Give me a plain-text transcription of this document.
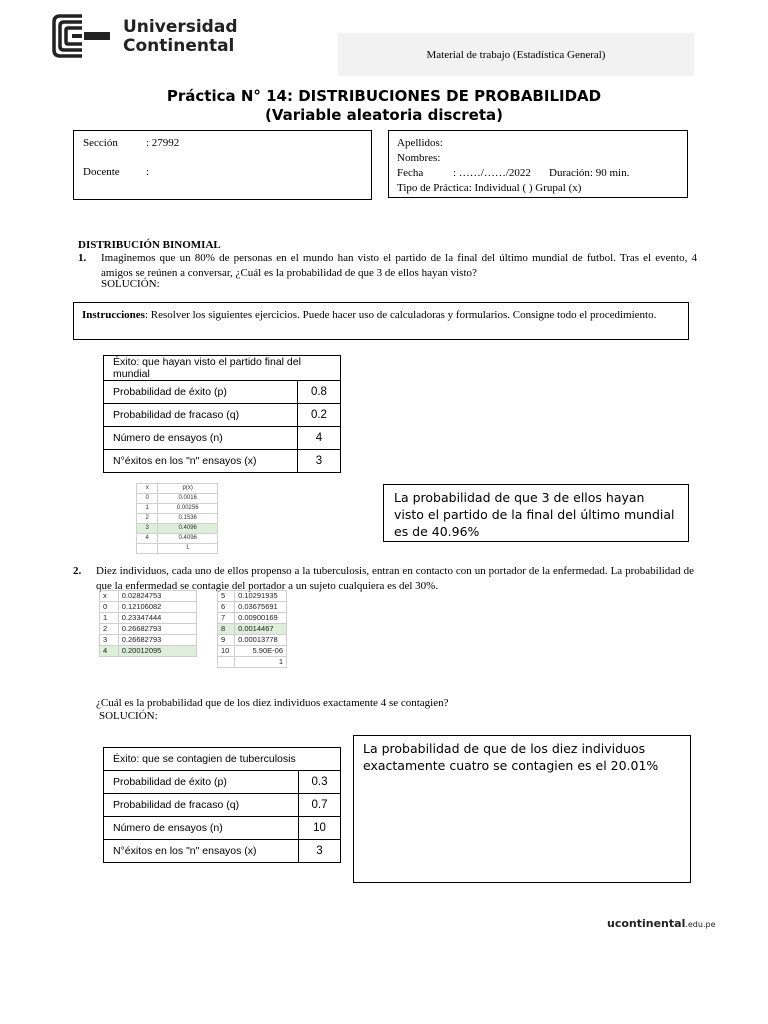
Universidad
Continental	Material de trabajo (Estadística General)
Práctica N° 14: DISTRIBUCIONES DE PROBABILIDAD
(Variable aleatoria discreta)
Sección	: 27992
Docente :
Apellidos:
Nombres:
Fecha	: ……/……/2022 Duración: 90 min.
Tipo de Práctica: Individual ( ) Grupal (x)
DISTRIBUCIÓN BINOMIAL
1. Imaginemos que un 80% de personas en el mundo han visto el partido de la final del último mundial de futbol. Tras el evento, 4 amigos se reúnen a conversar, ¿Cuál es la probabilidad de que 3 de ellos hayan visto?
SOLUCIÓN:
Instrucciones: Resolver los siguientes ejercicios. Puede hacer uso de calculadoras y formularios. Consigne todo el procedimiento.
Éxito: que hayan visto el partido final del mundial	
Probabilidad de éxito (p)	0.8
Probabilidad de fracaso (q)	0.2
Número de ensayos (n)	4
N°éxitos en los "n" ensayos (x)	3
x	p(x)
0	0.0016
1	0.00256
2	0.1536
3	0.4096
4	0.4096
	1
La probabilidad de que 3 de ellos hayan visto el partido de la final del último mundial es de 40.96%
2. Diez individuos, cada uno de ellos propenso a la tuberculosis, entran en contacto con un portador de la enfermedad. La probabilidad de que la enfermedad se contagie del portador a un sujeto cualquiera es del 30%.
x	0.02824753
0	0.12106082
1	0.23347444
2	0.26682793
3	0.26682793
4	0.20012095
5	0.10291935
6	0.03675691
7	0.00900169
8	0.0014467
9	0.00013778
10	5.90E-06
	1
¿Cuál es la probabilidad que de los diez individuos exactamente 4 se contagien?
SOLUCIÓN:
Éxito: que se contagien de tuberculosis	
Probabilidad de éxito (p)	0.3
Probabilidad de fracaso (q)	0.7
Número de ensayos (n)	10
N°éxitos en los "n" ensayos (x)	3
La probabilidad de que de los diez individuos exactamente cuatro se contagien es el 20.01%
ucontinental.edu.pe
